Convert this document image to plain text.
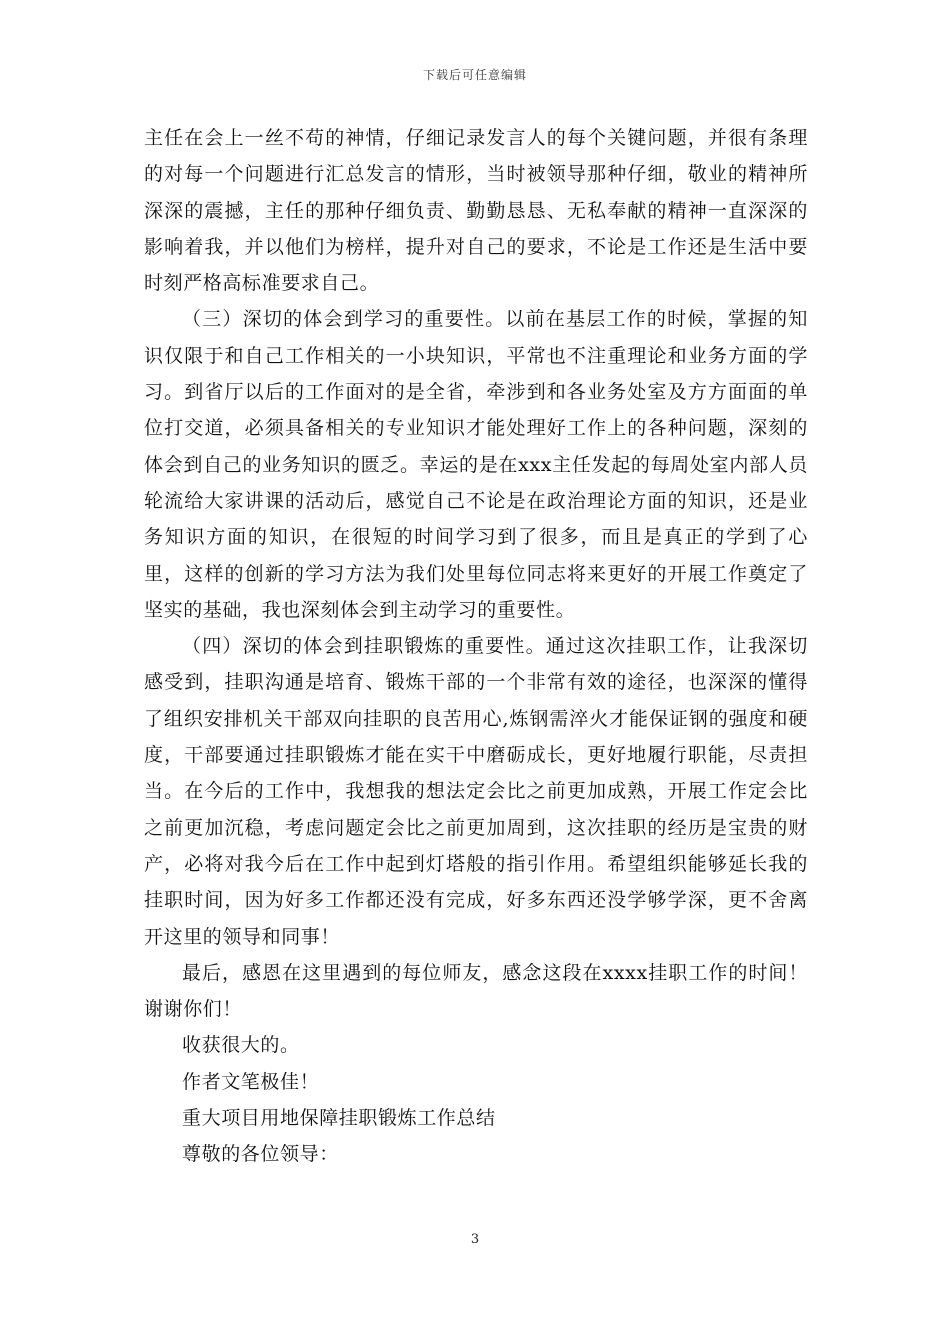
下载后可任意编辑

主任在会上一丝不苟的神情，仔细记录发言人的每个关键问题，并很有条理的对每一个问题进行汇总发言的情形，当时被领导那种仔细，敬业的精神所深深的震撼，主任的那种仔细负责、勤勤恳恳、无私奉献的精神一直深深的影响着我，并以他们为榜样，提升对自己的要求，不论是工作还是生活中要时刻严格高标准要求自己。

（三）深切的体会到学习的重要性。以前在基层工作的时候，掌握的知识仅限于和自己工作相关的一小块知识，平常也不注重理论和业务方面的学习。到省厅以后的工作面对的是全省，牵涉到和各业务处室及方方面面的单位打交道，必须具备相关的专业知识才能处理好工作上的各种问题，深刻的体会到自己的业务知识的匮乏。幸运的是在xxx主任发起的每周处室内部人员轮流给大家讲课的活动后，感觉自己不论是在政治理论方面的知识，还是业务知识方面的知识，在很短的时间学习到了很多，而且是真正的学到了心里，这样的创新的学习方法为我们处里每位同志将来更好的开展工作奠定了坚实的基础，我也深刻体会到主动学习的重要性。

（四）深切的体会到挂职锻炼的重要性。通过这次挂职工作，让我深切感受到，挂职沟通是培育、锻炼干部的一个非常有效的途径，也深深的懂得了组织安排机关干部双向挂职的良苦用心,炼钢需淬火才能保证钢的强度和硬度，干部要通过挂职锻炼才能在实干中磨砺成长，更好地履行职能，尽责担当。在今后的工作中，我想我的想法定会比之前更加成熟，开展工作定会比之前更加沉稳，考虑问题定会比之前更加周到，这次挂职的经历是宝贵的财产，必将对我今后在工作中起到灯塔般的指引作用。希望组织能够延长我的挂职时间，因为好多工作都还没有完成，好多东西还没学够学深，更不舍离开这里的领导和同事！

最后，感恩在这里遇到的每位师友，感念这段在xxxx挂职工作的时间！谢谢你们！

收获很大的。

作者文笔极佳！

重大项目用地保障挂职锻炼工作总结

尊敬的各位领导：

3
